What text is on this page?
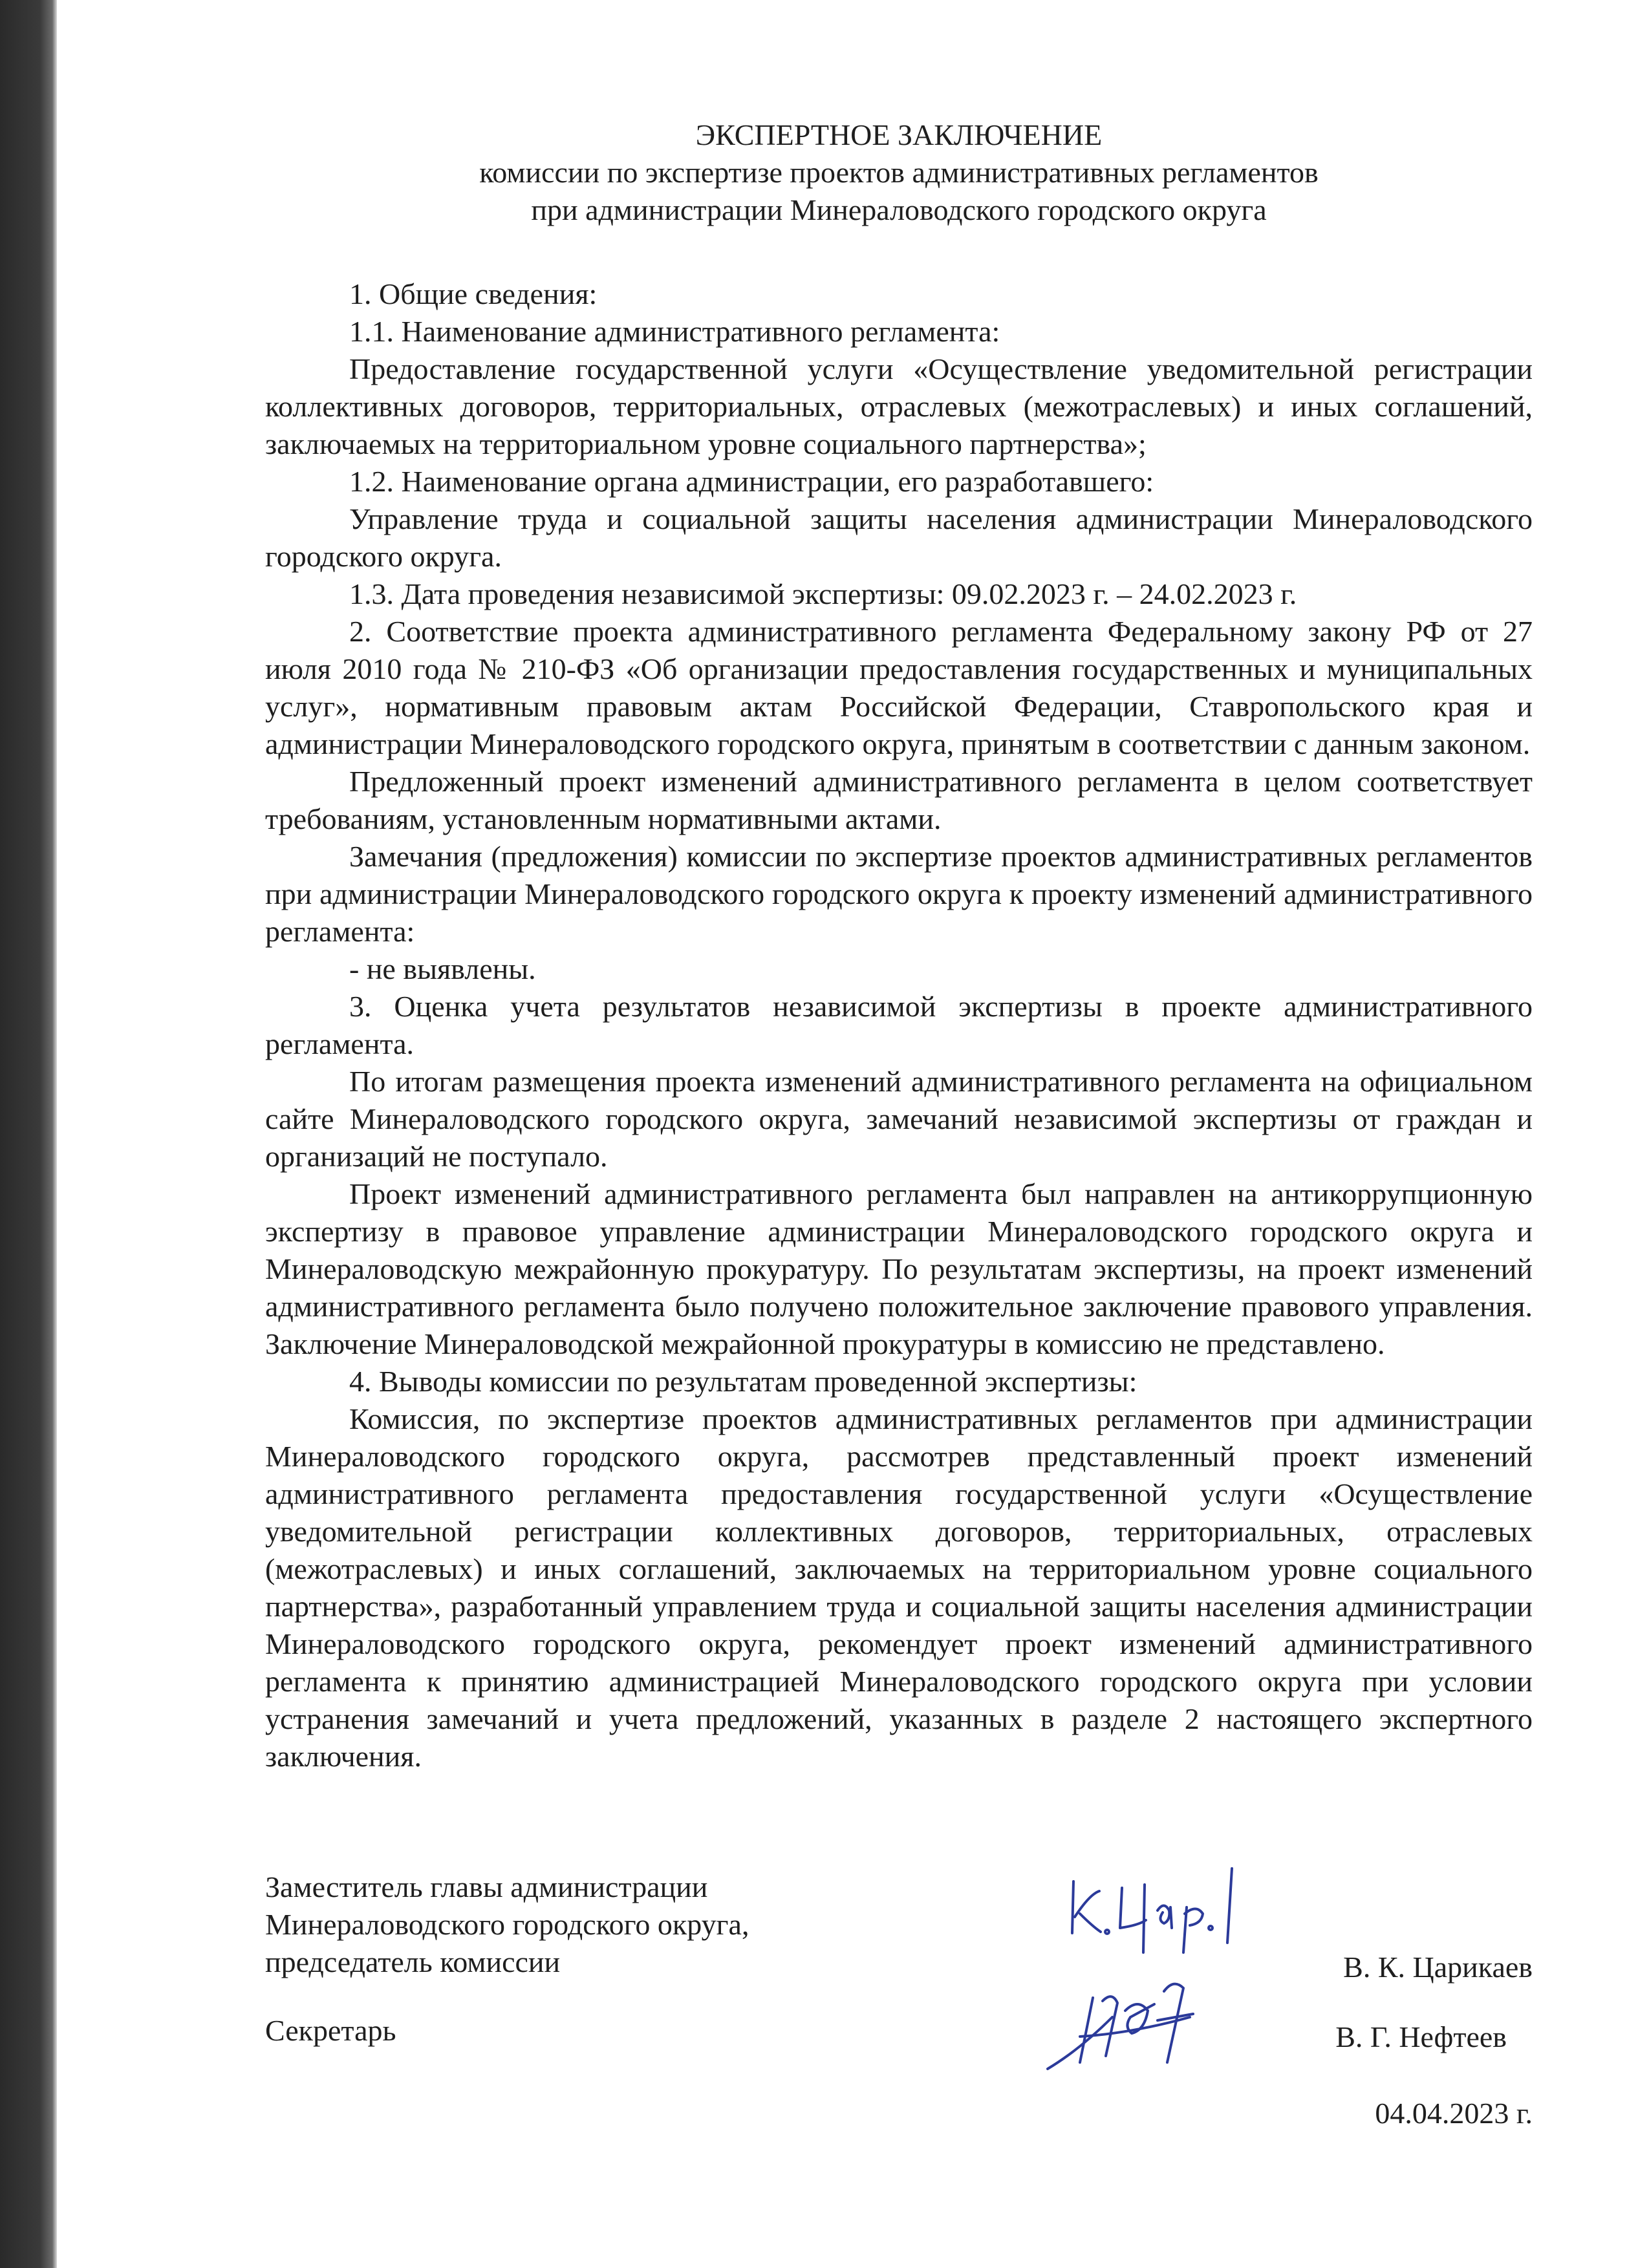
ЭКСПЕРТНОЕ ЗАКЛЮЧЕНИЕ
комиссии по экспертизе проектов административных регламентов
при администрации Минераловодского городского округа

1. Общие сведения:

1.1. Наименование административного регламента:

Предоставление государственной услуги «Осуществление уведомительной регистрации коллективных договоров, территориальных, отраслевых (межотраслевых) и иных соглашений, заключаемых на территориальном уровне социального партнерства»;

1.2. Наименование органа администрации, его разработавшего:

Управление труда и социальной защиты населения администрации Минераловодского городского округа.

1.3. Дата проведения независимой экспертизы: 09.02.2023 г. – 24.02.2023 г.

2. Соответствие проекта административного регламента Федеральному закону РФ от 27 июля 2010 года № 210-ФЗ «Об организации предоставления государственных и муниципальных услуг», нормативным правовым актам Российской Федерации, Ставропольского края и администрации Минераловодского городского округа, принятым в соответствии с данным законом.

Предложенный проект изменений административного регламента в целом соответствует требованиям, установленным нормативными актами.

Замечания (предложения) комиссии по экспертизе проектов административных регламентов при администрации Минераловодского городского округа к проекту изменений административного регламента:

- не выявлены.

3. Оценка учета результатов независимой экспертизы в проекте административного регламента.

По итогам размещения проекта изменений административного регламента на официальном сайте Минераловодского городского округа, замечаний независимой экспертизы от граждан и организаций не поступало.

Проект изменений административного регламента был направлен на антикоррупционную экспертизу в правовое управление администрации Минераловодского городского округа и Минераловодскую межрайонную прокуратуру. По результатам экспертизы, на проект изменений административного регламента было получено положительное заключение правового управления. Заключение Минераловодской межрайонной прокуратуры в комиссию не представлено.

4. Выводы комиссии по результатам проведенной экспертизы:

Комиссия, по экспертизе проектов административных регламентов при администрации Минераловодского городского округа, рассмотрев представленный проект изменений административного регламента предоставления государственной услуги «Осуществление уведомительной регистрации коллективных договоров, территориальных, отраслевых (межотраслевых) и иных соглашений, заключаемых на территориальном уровне социального партнерства», разработанный управлением труда и социальной защиты населения администрации Минераловодского городского округа, рекомендует проект изменений административного регламента к принятию администрацией Минераловодского городского округа при условии устранения замечаний и учета предложений, указанных в разделе 2 настоящего экспертного заключения.

Заместитель главы администрации
Минераловодского городского округа,
председатель комиссии
Секретарь
В. К. Царикаев
В. Г. Нефтеев
04.04.2023 г.
